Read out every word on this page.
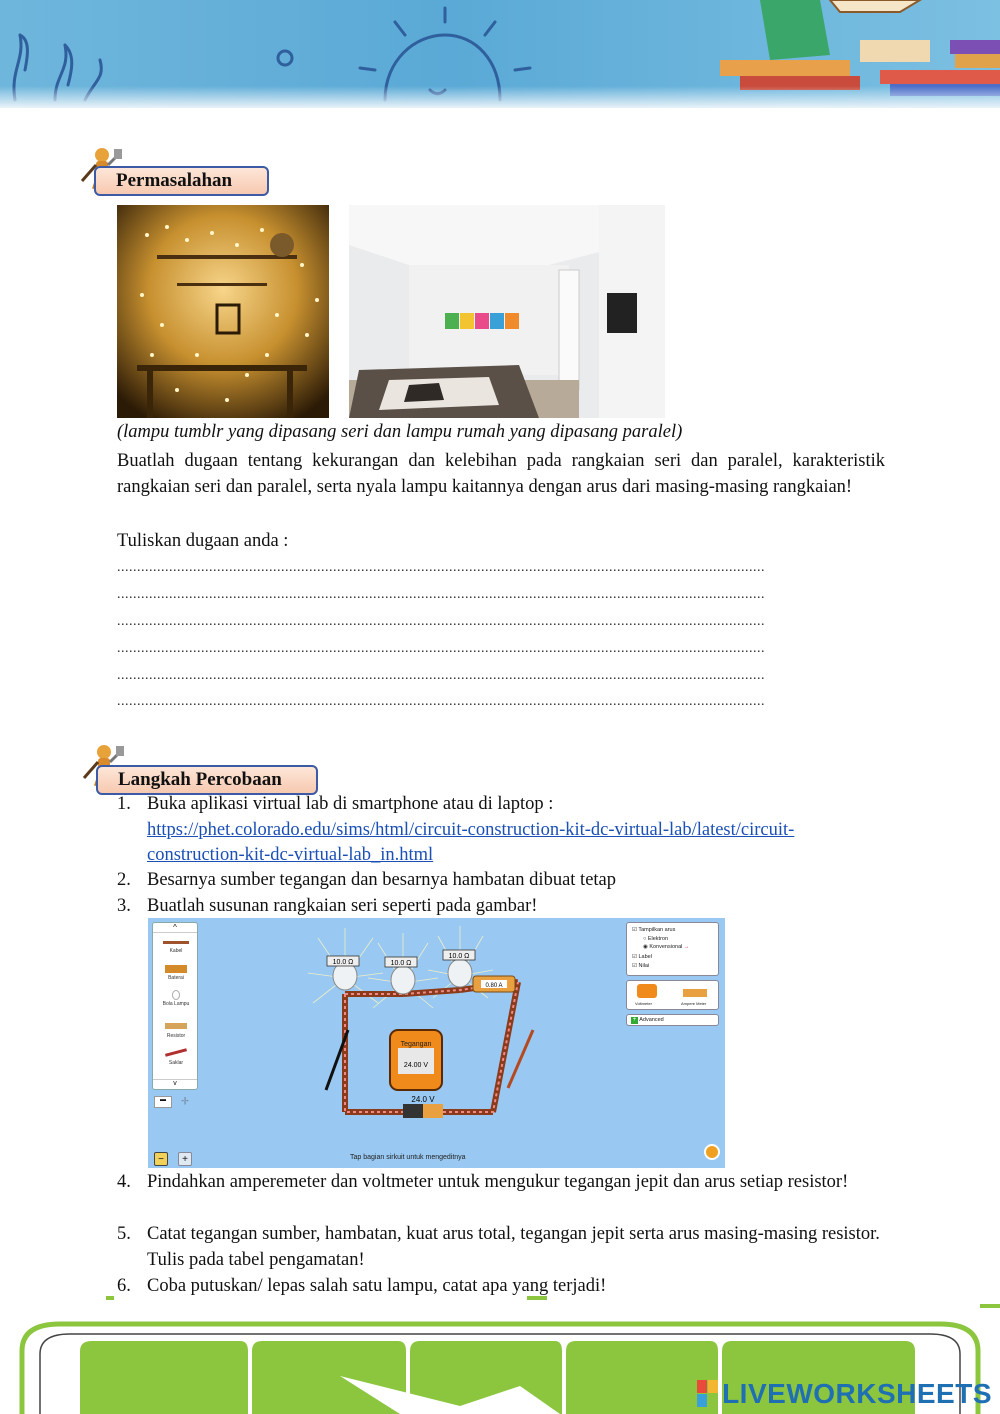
Permasalahan
(lampu tumblr yang dipasang seri dan lampu rumah yang dipasang paralel)
Buatlah dugaan tentang kekurangan dan kelebihan pada rangkaian seri dan paralel, karakteristik rangkaian seri dan paralel, serta nyala lampu kaitannya dengan arus dari masing-masing rangkaian!
Tuliskan dugaan anda :
..................................................................................................................................................................
..................................................................................................................................................................
..................................................................................................................................................................
..................................................................................................................................................................
..................................................................................................................................................................
..................................................................................................................................................................
Langkah Percobaan
1. Buka aplikasi virtual lab di smartphone atau di laptop :
https://phet.colorado.edu/sims/html/circuit-construction-kit-dc-virtual-lab/latest/circuit-
construction-kit-dc-virtual-lab_in.html
2. Besarnya sumber tegangan dan besarnya hambatan dibuat tetap
3. Buatlah susunan rangkaian seri seperti pada gambar!
^
Kabel
Baterai
Bola Lampu
Resistor
Saklar
v
▬	-|-
10.0 Ω	10.0 Ω
10.0 Ω
0.80 A
Tegangan
24.00 V
24.0 V
☑ Tampilkan arus
○ Elektron
◉ Konvensional →
☑ Label
☑ Nilai
Voltmeter	Ampere Meter
+ Advanced
−	+	Tap bagian sirkuit untuk mengeditnya
4. Pindahkan amperemeter dan voltmeter untuk mengukur tegangan jepit dan arus setiap resistor!
5. Catat tegangan sumber, hambatan, kuat arus total, tegangan jepit serta arus masing-masing resistor. Tulis pada tabel pengamatan!
6. Coba putuskan/ lepas salah satu lampu, catat apa yang terjadi!
LIVEWORKSHEETS
